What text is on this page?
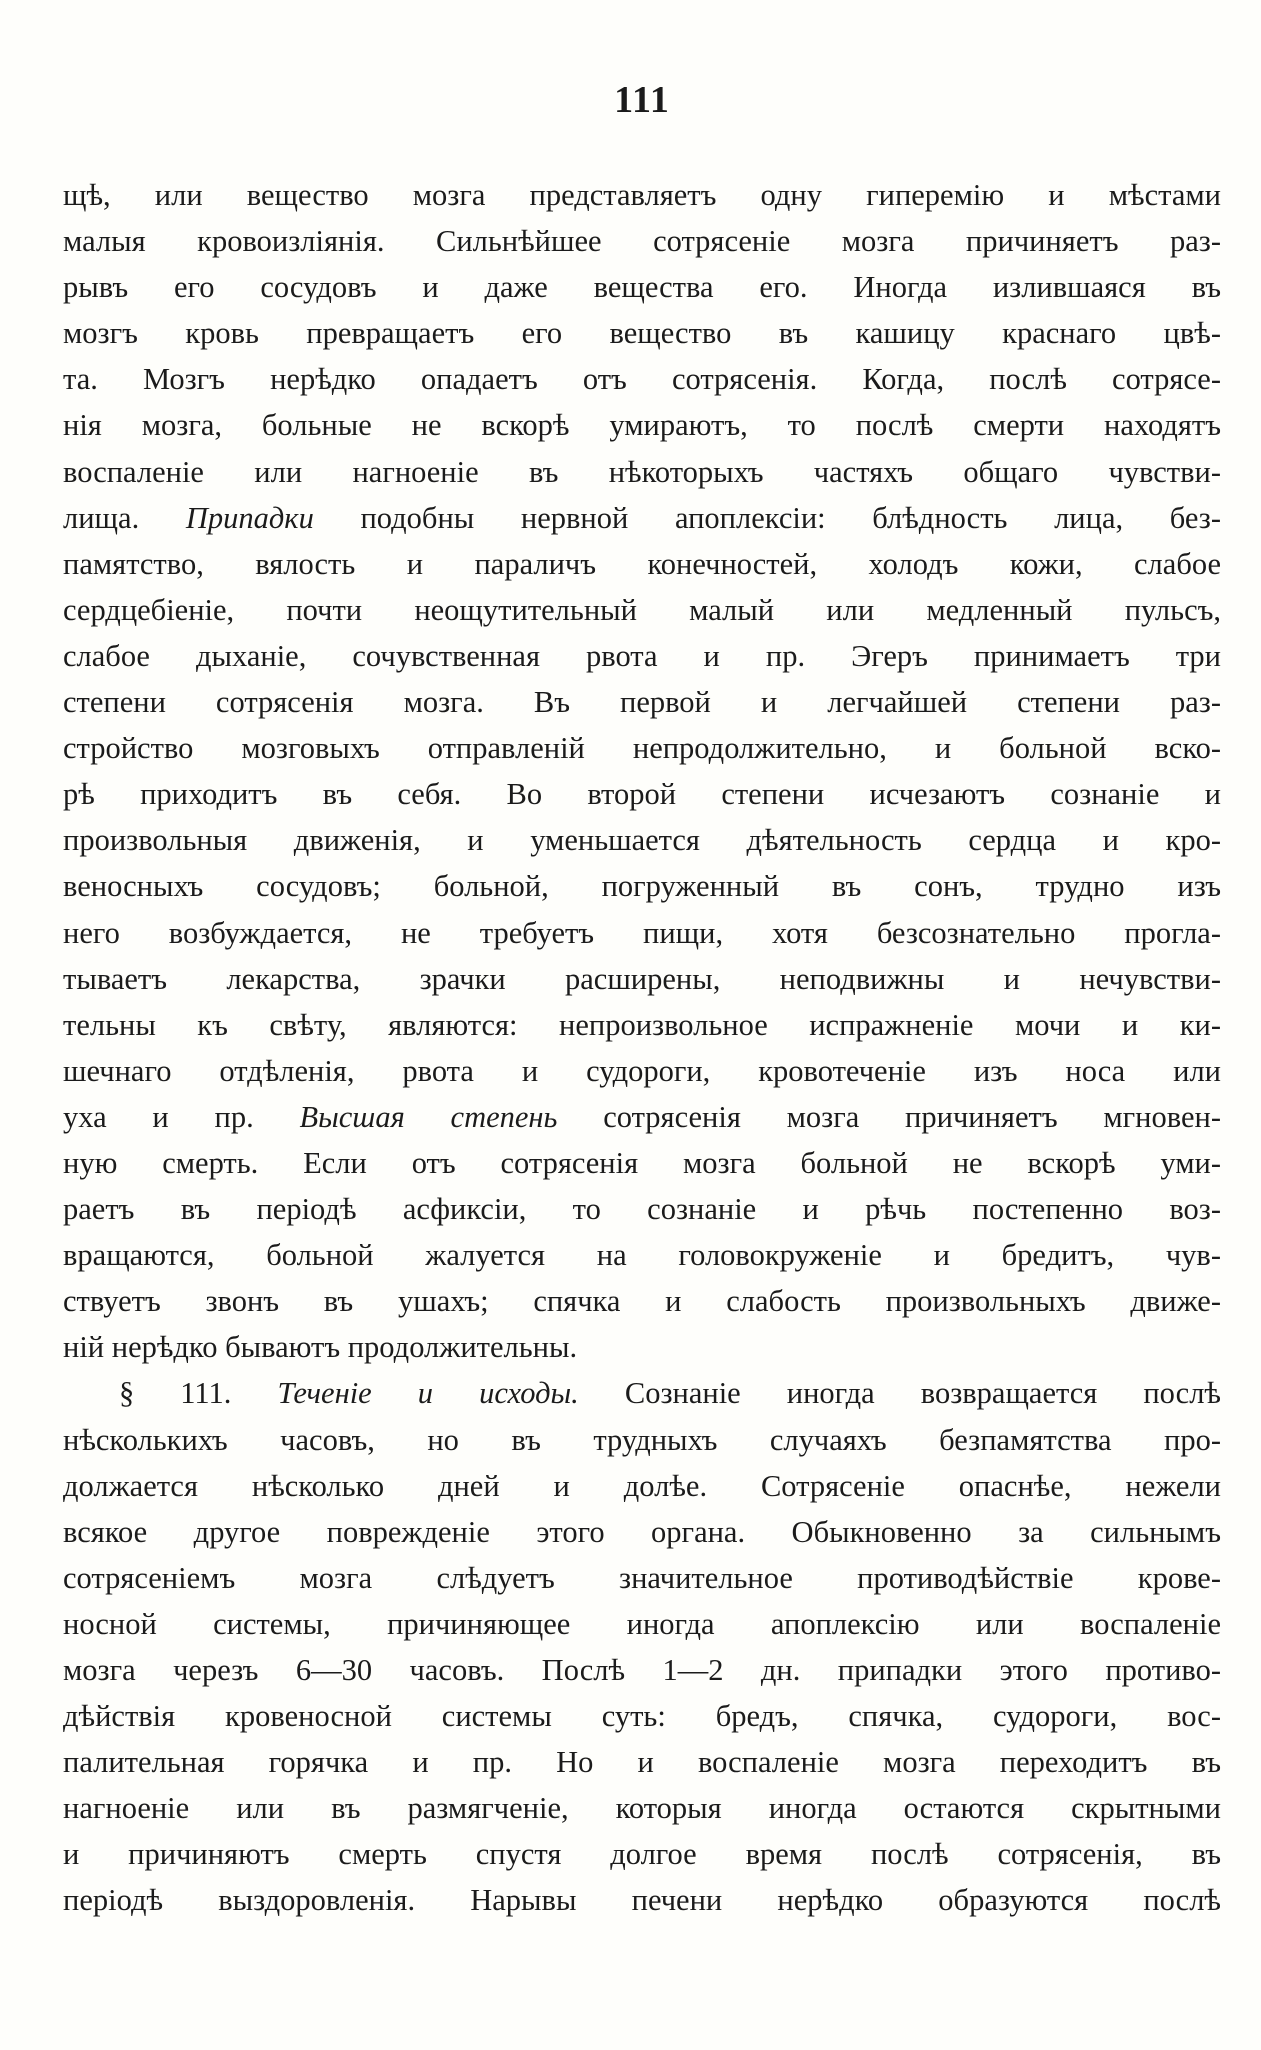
111
щѣ, или вещество мозга представляетъ одну гиперемію и мѣстами
малыя кровоизліянія. Сильнѣйшее сотрясеніе мозга причиняетъ раз-
рывъ его сосудовъ и даже вещества его. Иногда излившаяся въ
мозгъ кровь превращаетъ его вещество въ кашицу краснаго цвѣ-
та. Мозгъ нерѣдко опадаетъ отъ сотрясенія. Когда, послѣ сотрясе-
нія мозга, больные не вскорѣ умираютъ, то послѣ смерти находятъ
воспаленіе или нагноеніе въ нѣкоторыхъ частяхъ общаго чувстви-
лища. Припадки подобны нервной апоплексіи: блѣдность лица, без-
памятство, вялость и параличъ конечностей, холодъ кожи, слабое
сердцебіеніе, почти неощутительный малый или медленный пульсъ,
слабое дыханіе, сочувственная рвота и пр. Эгеръ принимаетъ три
степени сотрясенія мозга. Въ первой и легчайшей степени раз-
стройство мозговыхъ отправленій непродолжительно, и больной вско-
рѣ приходитъ въ себя. Во второй степени исчезаютъ сознаніе и
произвольныя движенія, и уменьшается дѣятельность сердца и кро-
веносныхъ сосудовъ; больной, погруженный въ сонъ, трудно изъ
него возбуждается, не требуетъ пищи, хотя безсознательно прогла-
тываетъ лекарства, зрачки расширены, неподвижны и нечувстви-
тельны къ свѣту, являются: непроизвольное испражненіе мочи и ки-
шечнаго отдѣленія, рвота и судороги, кровотеченіе изъ носа или
уха и пр. Высшая степень сотрясенія мозга причиняетъ мгновен-
ную смерть. Если отъ сотрясенія мозга больной не вскорѣ уми-
раетъ въ періодѣ асфиксіи, то сознаніе и рѣчь постепенно воз-
вращаются, больной жалуется на головокруженіе и бредитъ, чув-
ствуетъ звонъ въ ушахъ; спячка и слабость произвольныхъ движе-
ній нерѣдко бываютъ продолжительны.
§ 111. Теченіе и исходы. Сознаніе иногда возвращается послѣ
нѣсколькихъ часовъ, но въ трудныхъ случаяхъ безпамятства про-
должается нѣсколько дней и долѣе. Сотрясеніе опаснѣе, нежели
всякое другое поврежденіе этого органа. Обыкновенно за сильнымъ
сотрясеніемъ мозга слѣдуетъ значительное противодѣйствіе крове-
носной системы, причиняющее иногда апоплексію или воспаленіе
мозга черезъ 6—30 часовъ. Послѣ 1—2 дн. припадки этого противо-
дѣйствія кровеносной системы суть: бредъ, спячка, судороги, вос-
палительная горячка и пр. Но и воспаленіе мозга переходитъ въ
нагноеніе или въ размягченіе, которыя иногда остаются скрытными
и причиняютъ смерть спустя долгое время послѣ сотрясенія, въ
періодѣ выздоровленія. Нарывы печени нерѣдко образуются послѣ
